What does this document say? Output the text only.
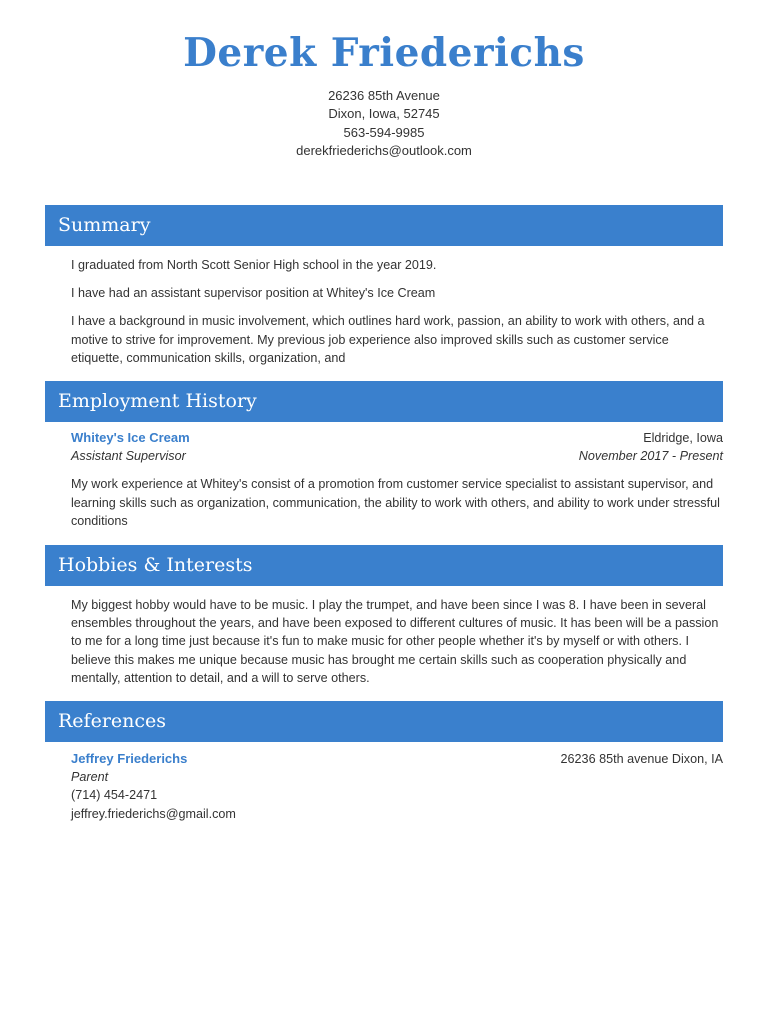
Derek Friederichs
26236 85th Avenue
Dixon, Iowa, 52745
563-594-9985
derekfriederichs@outlook.com
Summary

I graduated from North Scott Senior High school in the year 2019.

I have had an assistant supervisor position at Whitey's Ice Cream

I have a background in music involvement, which outlines hard work, passion, an ability to work with others, and a motive to strive for improvement. My previous job experience also improved skills such as customer service etiquette, communication skills, organization, and

Employment History
Whitey's Ice Cream
Assistant Supervisor
Eldridge, Iowa
November 2017 - Present

My work experience at Whitey's consist of a promotion from customer service specialist to assistant supervisor, and learning skills such as organization, communication, the ability to work with others, and ability to work under stressful conditions

Hobbies & Interests

My biggest hobby would have to be music. I play the trumpet, and have been since I was 8. I have been in several ensembles throughout the years, and have been exposed to different cultures of music. It has been will be a passion to me for a long time just because it's fun to make music for other people whether it's by myself or with others. I believe this makes me unique because music has brought me certain skills such as cooperation physically and mentally, attention to detail, and a will to serve others.

References
Jeffrey Friederichs
Parent
(714) 454-2471
jeffrey.friederichs@gmail.com
26236 85th avenue Dixon, IA
